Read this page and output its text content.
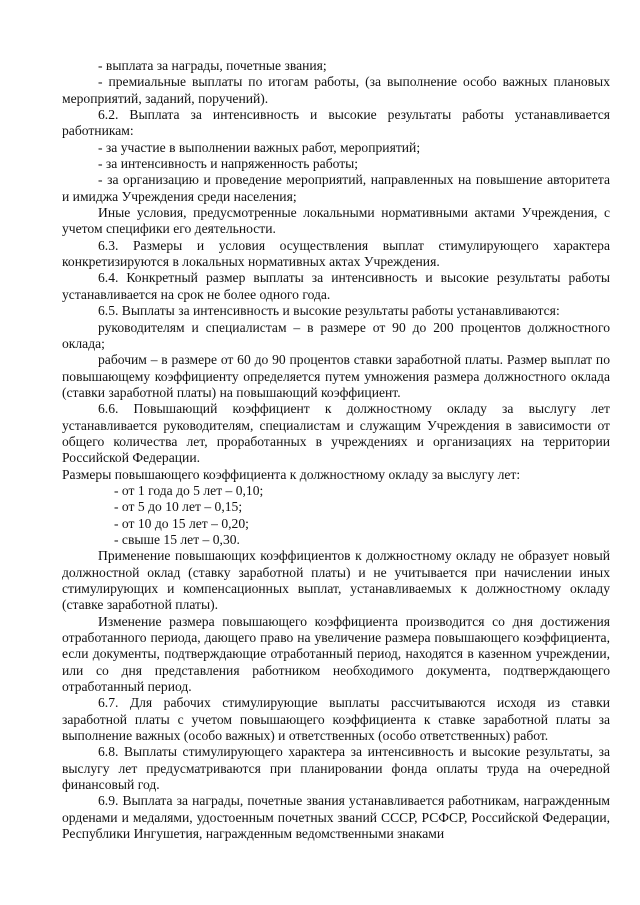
- выплата за награды, почетные звания;

- премиальные выплаты по итогам работы, (за выполнение особо важных плановых мероприятий, заданий, поручений).

6.2. Выплата за интенсивность и высокие результаты работы устанавливается работникам:

- за участие в выполнении важных работ, мероприятий;

- за интенсивность и напряженность работы;

- за организацию и проведение мероприятий, направленных на повышение авторитета и имиджа Учреждения среди населения;

Иные условия, предусмотренные локальными нормативными актами Учреждения, с учетом специфики его деятельности.

6.3. Размеры и условия осуществления выплат стимулирующего характера конкретизируются в локальных нормативных актах Учреждения.

6.4. Конкретный размер выплаты за интенсивность и высокие результаты работы устанавливается на срок не более одного года.

6.5. Выплаты за интенсивность и высокие результаты работы устанавливаются:

руководителям и специалистам – в размере от 90 до 200 процентов должностного оклада;

рабочим – в размере от 60 до 90 процентов ставки заработной платы. Размер выплат по повышающему коэффициенту определяется путем умножения размера должностного оклада (ставки заработной платы) на повышающий коэффициент.

6.6. Повышающий коэффициент к должностному окладу за выслугу лет устанавливается руководителям, специалистам и служащим Учреждения в зависимости от общего количества лет, проработанных в учреждениях и организациях на территории Российской Федерации.

Размеры повышающего коэффициента к должностному окладу за выслугу лет:

- от 1 года до 5 лет – 0,10;

- от 5 до 10 лет – 0,15;

- от 10 до 15 лет – 0,20;

- свыше 15 лет – 0,30.

Применение повышающих коэффициентов к должностному окладу не образует новый должностной оклад (ставку заработной платы) и не учитывается при начислении иных стимулирующих и компенсационных выплат, устанавливаемых к должностному окладу (ставке заработной платы).

Изменение размера повышающего коэффициента производится со дня достижения отработанного периода, дающего право на увеличение размера повышающего коэффициента, если документы, подтверждающие отработанный период, находятся в казенном учреждении, или со дня представления работником необходимого документа, подтверждающего отработанный период.

6.7. Для рабочих стимулирующие выплаты рассчитываются исходя из ставки заработной платы с учетом повышающего коэффициента к ставке заработной платы за выполнение важных (особо важных) и ответственных (особо ответственных) работ.

6.8. Выплаты стимулирующего характера за интенсивность и высокие результаты, за выслугу лет предусматриваются при планировании фонда оплаты труда на очередной финансовый год.

6.9. Выплата за награды, почетные звания устанавливается работникам, награжденным орденами и медалями, удостоенным почетных званий СССР, РСФСР, Российской Федерации, Республики Ингушетия, награжденным ведомственными знаками
